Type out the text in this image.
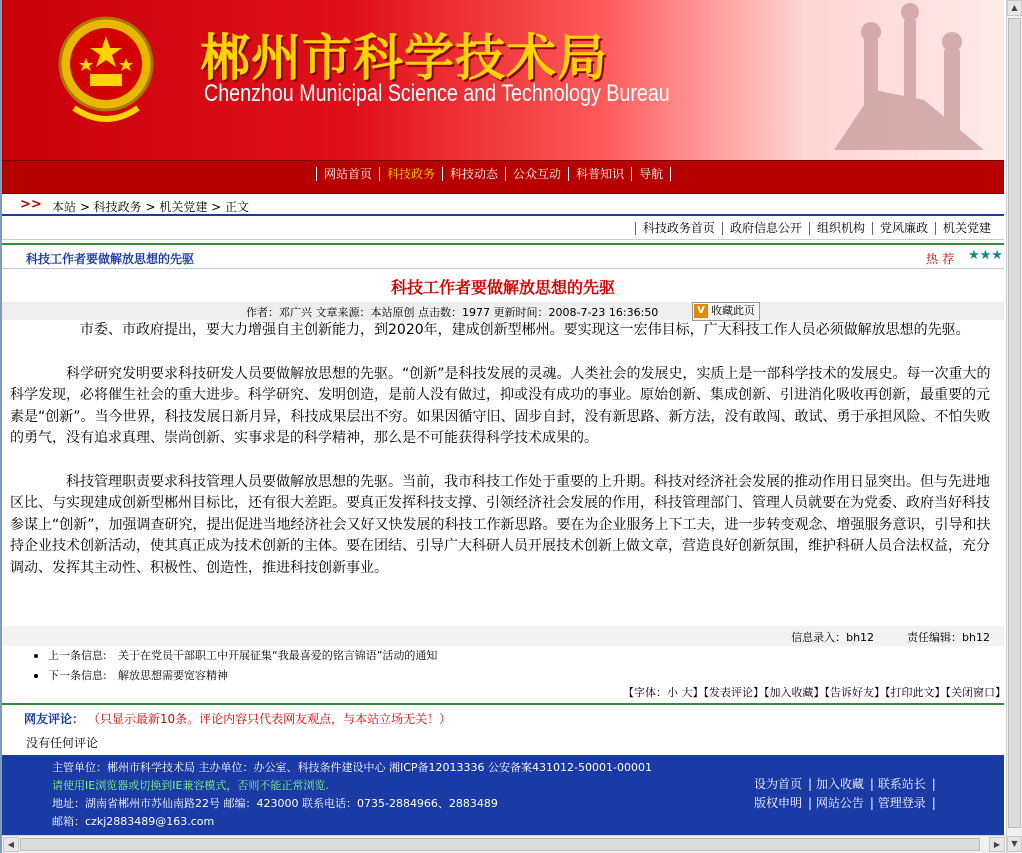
郴州市科学技术局
Chenzhou Municipal Science and Technology Bureau
网站首页	科技政务	科技动态	公众互动	科普知识	导航
>> 本站 > 科技政务 > 机关党建 > 正文
科技政务首页	政府信息公开	组织机构	党风廉政	机关党建
科技工作者要做解放思想的先驱	热荐 ★★★
科技工作者要做解放思想的先驱
作者：邓广兴 文章来源：本站原创 点击数：1977 更新时间：2008-7-23 16:36:50	V 收藏此页

　　　　　市委、市政府提出，要大力增强自主创新能力，到2020年，建成创新型郴州。要实现这一宏伟目标，广大科技工作人员必须做解放思想的先驱。

　　　　科学研究发明要求科技研发人员要做解放思想的先驱。“创新”是科技发展的灵魂。人类社会的发展史，实质上是一部科学技术的发展史。每一次重大的科学发现，必将催生社会的重大进步。科学研究、发明创造，是前人没有做过，抑或没有成功的事业。原始创新、集成创新、引进消化吸收再创新，最重要的元素是“创新”。当今世界，科技发展日新月异，科技成果层出不穷。如果因循守旧、固步自封，没有新思路、新方法，没有敢闯、敢试、勇于承担风险、不怕失败的勇气，没有追求真理、崇尚创新、实事求是的科学精神，那么是不可能获得科学技术成果的。

　　　　科技管理职责要求科技管理人员要做解放思想的先驱。当前，我市科技工作处于重要的上升期。科技对经济社会发展的推动作用日显突出。但与先进地区比、与实现建成创新型郴州目标比，还有很大差距。要真正发挥科技支撑、引领经济社会发展的作用，科技管理部门、管理人员就要在为党委、政府当好科技参谋上“创新”，加强调查研究，提出促进当地经济社会又好又快发展的科技工作新思路。要在为企业服务上下工夫，进一步转变观念、增强服务意识，引导和扶持企业技术创新活动，使其真正成为技术创新的主体。要在团结、引导广大科研人员开展技术创新上做文章，营造良好创新氛围，维护科研人员合法权益，充分调动、发挥其主动性、积极性、创造性，推进科技创新事业。

信息录入：bh12　　　责任编辑：bh12
上一条信息: 关于在党员干部职工中开展征集“我最喜爱的铭言锦语”活动的通知
下一条信息: 解放思想需要宽容精神
【字体：小 大】【发表评论】【加入收藏】【告诉好友】【打印此文】【关闭窗口】
网友评论： （只显示最新10条。评论内容只代表网友观点，与本站立场无关！）
没有任何评论
主管单位：郴州市科学技术局 主办单位：办公室、科技条件建设中心 湘ICP备12013336 公安备案431012-50001-00001
请使用IE浏览器或切换到IE兼容模式，否则不能正常浏览.
地址：湖南省郴州市苏仙南路22号 邮编：423000 联系电话：0735-2884966、2883489
邮箱：czkj2883489@163.com
设为首页 | 加入收藏 | 联系站长 |
版权申明 | 网站公告 | 管理登录 |
◀	▶
▲
▼
